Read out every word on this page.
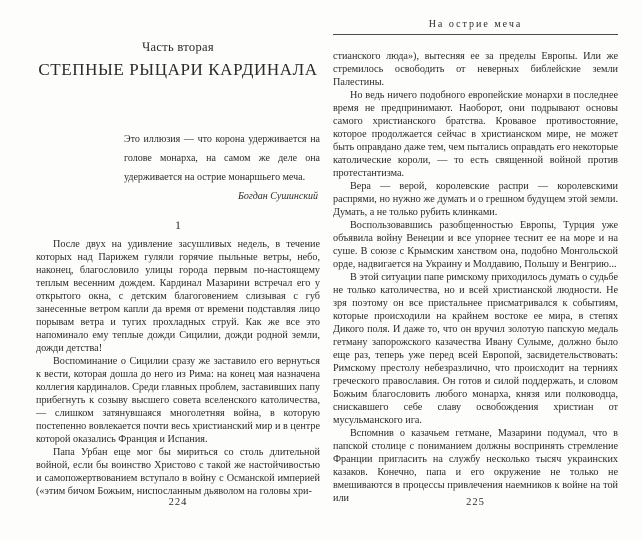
Часть вторая
СТЕПНЫЕ РЫЦАРИ КАРДИНАЛА
Это иллюзия — что корона удерживается на голове монарха, на самом же деле она удерживается на острие монаршьего меча.
Богдан Сушинский
1

После двух на удивление засушливых недель, в течение которых над Парижем гуляли горячие пыльные ветры, небо, наконец, благословило улицы города первым по-настоящему теплым весенним дождем. Кардинал Мазарини встречал его у открытого окна, с детским благоговением слизывая с губ занесенные ветром капли да время от времени подставляя лицо порывам ветра и тугих прохладных струй. Как же все это напоминало ему теплые дожди Сицилии, дожди родной земли, дожди детства!

Воспоминание о Сицилии сразу же заставило его вернуться к вести, которая дошла до него из Рима: на конец мая назначена коллегия кардиналов. Среди главных проблем, заставивших папу прибегнуть к созыву высшего совета вселенского католичества, — слишком затянувшаяся многолетняя война, в которую постепенно вовлекается почти весь христианский мир и в центре которой оказались Франция и Испания.

Папа Урбан еще мог бы мириться со столь длительной войной, если бы воинство Христово с такой же настойчивостью и самопожертвованием вступало в войну с Османской империей («этим бичом Божьим, ниспосланным дьяволом на головы хри-

224
На острие меча

стианского люда»), вытесняя ее за пределы Европы. Или же стремилось освободить от неверных библейские земли Палестины.

Но ведь ничего подобного европейские монархи в последнее время не предпринимают. Наоборот, они подрывают основы самого христианского братства. Кровавое противостояние, которое продолжается сейчас в христианском мире, не может быть оправдано даже тем, чем пытались оправдать его некоторые католические короли, — то есть священной войной против протестантизма.

Вера — верой, королевские распри — королевскими распрями, но нужно же думать и о грешном будущем этой земли. Думать, а не только рубить клинками.

Воспользовавшись разобщенностью Европы, Турция уже объявила войну Венеции и все упорнее теснит ее на море и на суше. В союзе с Крымским ханством она, подобно Монгольской орде, надвигается на Украину и Молдавию, Польшу и Венгрию...

В этой ситуации папе римскому приходилось думать о судьбе не только католичества, но и всей христианской людности. Не зря поэтому он все пристальнее присматривался к событиям, которые происходили на крайнем востоке ее мира, в степях Дикого поля. И даже то, что он вручил золотую папскую медаль гетману запорожского казачества Ивану Сулыме, должно было еще раз, теперь уже перед всей Европой, засвидетельствовать: Римскому престолу небезразлично, что происходит на терниях греческого православия. Он готов и силой поддержать, и словом Божьим благословить любого монарха, князя или полководца, снискавшего себе славу освобождения христиан от мусульманского ига.

Вспомнив о казачьем гетмане, Мазарини подумал, что в папской столице с пониманием должны воспринять стремление Франции пригласить на службу несколько тысяч украинских казаков. Конечно, папа и его окружение не только не вмешиваются в процессы привлечения наемников к войне на той или	225
